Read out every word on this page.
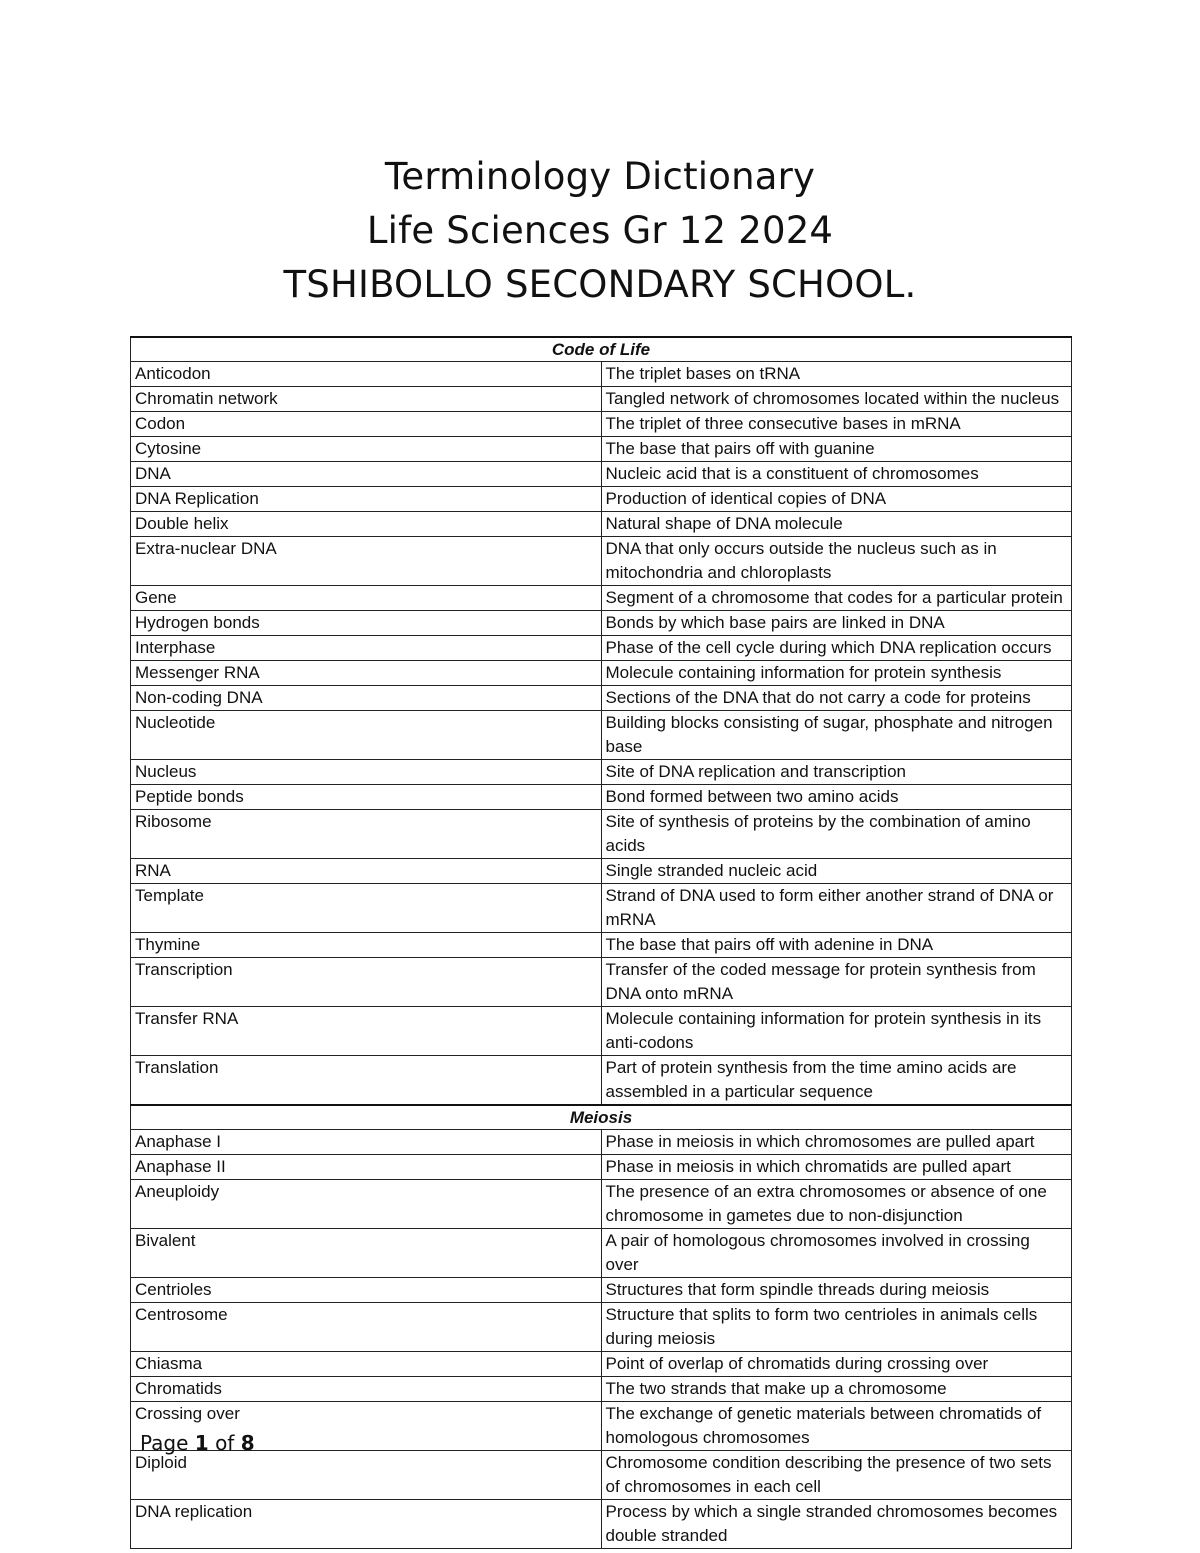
Terminology Dictionary
Life Sciences Gr 12 2024
TSHIBOLLO SECONDARY SCHOOL.
Code of Life	
Anticodon	The triplet bases on tRNA
Chromatin network	Tangled network of chromosomes located within the nucleus
Codon	The triplet of three consecutive bases in mRNA
Cytosine	The base that pairs off with guanine
DNA	Nucleic acid that is a constituent of chromosomes
DNA Replication	Production of identical copies of DNA
Double helix	Natural shape of DNA molecule
Extra-nuclear DNA	DNA that only occurs outside the nucleus such as in mitochondria and chloroplasts
Gene	Segment of a chromosome that codes for a particular protein
Hydrogen bonds	Bonds by which base pairs are linked in DNA
Interphase	Phase of the cell cycle during which DNA replication occurs
Messenger RNA	Molecule containing information for protein synthesis
Non-coding DNA	Sections of the DNA that do not carry a code for proteins
Nucleotide	Building blocks consisting of sugar, phosphate and nitrogen base
Nucleus	Site of DNA replication and transcription
Peptide bonds	Bond formed between two amino acids
Ribosome	Site of synthesis of proteins by the combination of amino acids
RNA	Single stranded nucleic acid
Template	Strand of DNA used to form either another strand of DNA or mRNA
Thymine	The base that pairs off with adenine in DNA
Transcription	Transfer of the coded message for protein synthesis from DNA onto mRNA
Transfer RNA	Molecule containing information for protein synthesis in its anti-codons
Translation	Part of protein synthesis from the time amino acids are assembled in a particular sequence
Meiosis	
Anaphase I	Phase in meiosis in which chromosomes are pulled apart
Anaphase II	Phase in meiosis in which chromatids are pulled apart
Aneuploidy	The presence of an extra chromosomes or absence of one chromosome in gametes due to non-disjunction
Bivalent	A pair of homologous chromosomes involved in crossing over
Centrioles	Structures that form spindle threads during meiosis
Centrosome	Structure that splits to form two centrioles in animals cells during meiosis
Chiasma	Point of overlap of chromatids during crossing over
Chromatids	The two strands that make up a chromosome
Crossing over	The exchange of genetic materials between chromatids of homologous chromosomes
Diploid	Chromosome condition describing the presence of two sets of chromosomes in each cell
DNA replication	Process by which a single stranded chromosomes becomes double stranded
Page 1 of 8
